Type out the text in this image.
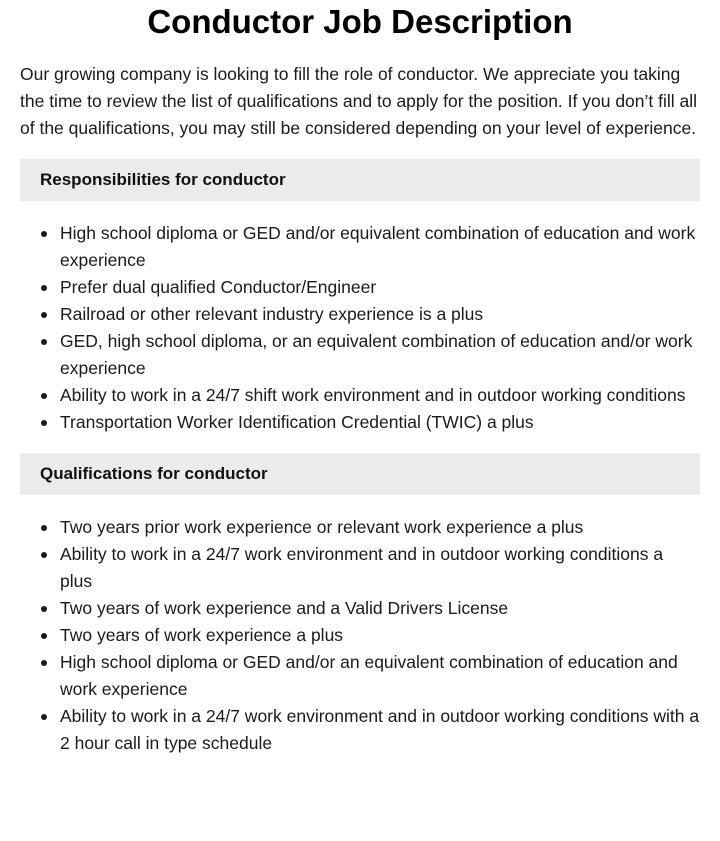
Conductor Job Description

Our growing company is looking to fill the role of conductor. We appreciate you taking the time to review the list of qualifications and to apply for the position. If you don’t fill all of the qualifications, you may still be considered depending on your level of experience.

Responsibilities for conductor
High school diploma or GED and/or equivalent combination of education and work experience
Prefer dual qualified Conductor/Engineer
Railroad or other relevant industry experience is a plus
GED, high school diploma, or an equivalent combination of education and/or work experience
Ability to work in a 24/7 shift work environment and in outdoor working conditions
Transportation Worker Identification Credential (TWIC) a plus
Qualifications for conductor
Two years prior work experience or relevant work experience a plus
Ability to work in a 24/7 work environment and in outdoor working conditions a plus
Two years of work experience and a Valid Drivers License
Two years of work experience a plus
High school diploma or GED and/or an equivalent combination of education and work experience
Ability to work in a 24/7 work environment and in outdoor working conditions with a 2 hour call in type schedule
